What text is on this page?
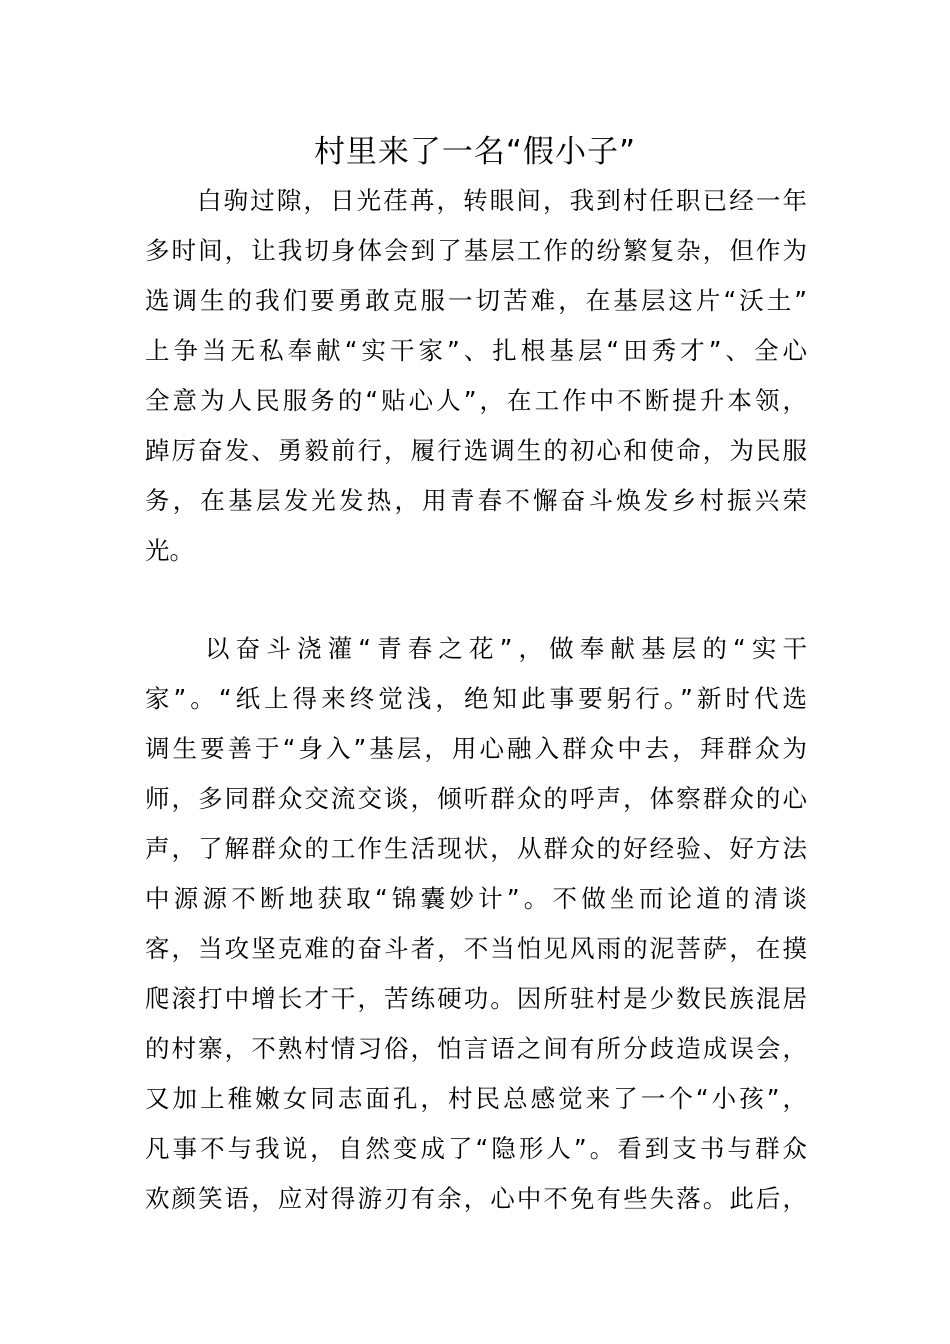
村里来了一名“假小子”

白驹过隙，日光荏苒，转眼间，我到村任职已经一年

多时间，让我切身体会到了基层工作的纷繁复杂，但作为

选调生的我们要勇敢克服一切苦难，在基层这片“沃土”

上争当无私奉献“实干家”、扎根基层“田秀才”、全心

全意为人民服务的“贴心人”，在工作中不断提升本领，

踔厉奋发、勇毅前行，履行选调生的初心和使命，为民服

务，在基层发光发热，用青春不懈奋斗焕发乡村振兴荣

光。

以奋斗浇灌“青春之花”，做奉献基层的“实干

家”。“纸上得来终觉浅，绝知此事要躬行。”新时代选

调生要善于“身入”基层，用心融入群众中去，拜群众为

师，多同群众交流交谈，倾听群众的呼声，体察群众的心

声，了解群众的工作生活现状，从群众的好经验、好方法

中源源不断地获取“锦囊妙计”。不做坐而论道的清谈

客，当攻坚克难的奋斗者，不当怕见风雨的泥菩萨，在摸

爬滚打中增长才干，苦练硬功。因所驻村是少数民族混居

的村寨，不熟村情习俗，怕言语之间有所分歧造成误会，

又加上稚嫩女同志面孔，村民总感觉来了一个“小孩”，

凡事不与我说，自然变成了“隐形人”。看到支书与群众

欢颜笑语，应对得游刃有余，心中不免有些失落。此后，
